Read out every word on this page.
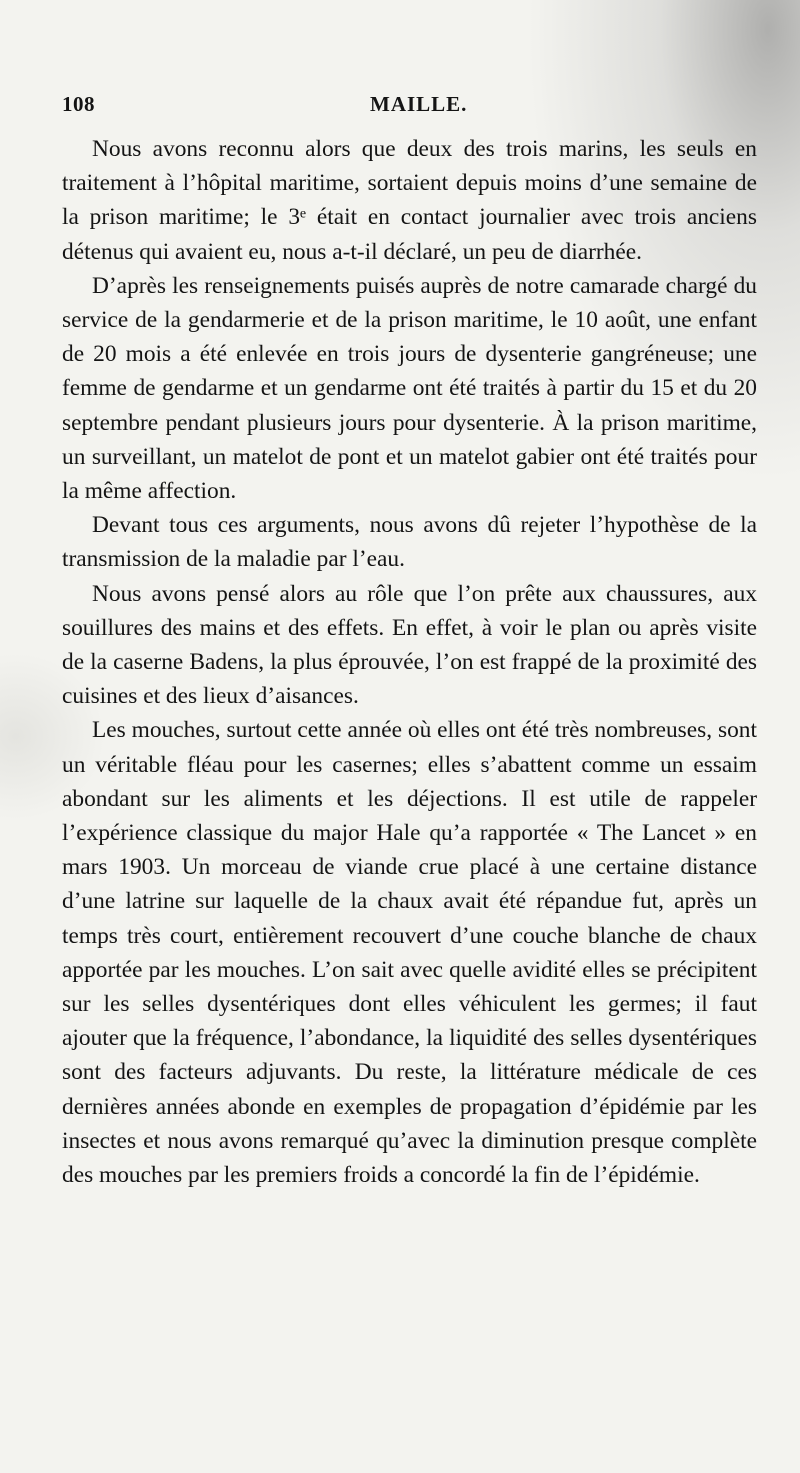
108	MAILLE.

Nous avons reconnu alors que deux des trois marins, les seuls en traitement à l’hôpital maritime, sortaient depuis moins d’une semaine de la prison maritime; le 3ᵉ était en contact journalier avec trois anciens détenus qui avaient eu, nous a-t-il déclaré, un peu de diarrhée.

D’après les renseignements puisés auprès de notre camarade chargé du service de la gendarmerie et de la prison maritime, le 10 août, une enfant de 20 mois a été enlevée en trois jours de dysenterie gangréneuse; une femme de gendarme et un gendarme ont été traités à partir du 15 et du 20 septembre pendant plusieurs jours pour dysenterie. À la prison maritime, un surveillant, un matelot de pont et un matelot gabier ont été traités pour la même affection.

Devant tous ces arguments, nous avons dû rejeter l’hypothèse de la transmission de la maladie par l’eau.

Nous avons pensé alors au rôle que l’on prête aux chaussures, aux souillures des mains et des effets. En effet, à voir le plan ou après visite de la caserne Badens, la plus éprouvée, l’on est frappé de la proximité des cuisines et des lieux d’aisances.

Les mouches, surtout cette année où elles ont été très nombreuses, sont un véritable fléau pour les casernes; elles s’abattent comme un essaim abondant sur les aliments et les déjections. Il est utile de rappeler l’expérience classique du major Hale qu’a rapportée « The Lancet » en mars 1903. Un morceau de viande crue placé à une certaine distance d’une latrine sur laquelle de la chaux avait été répandue fut, après un temps très court, entièrement recouvert d’une couche blanche de chaux apportée par les mouches. L’on sait avec quelle avidité elles se précipitent sur les selles dysentériques dont elles véhiculent les germes; il faut ajouter que la fréquence, l’abondance, la liquidité des selles dysentériques sont des facteurs adjuvants. Du reste, la littérature médicale de ces dernières années abonde en exemples de propagation d’épidémie par les insectes et nous avons remarqué qu’avec la diminution presque complète des mouches par les premiers froids a concordé la fin de l’épidémie.
